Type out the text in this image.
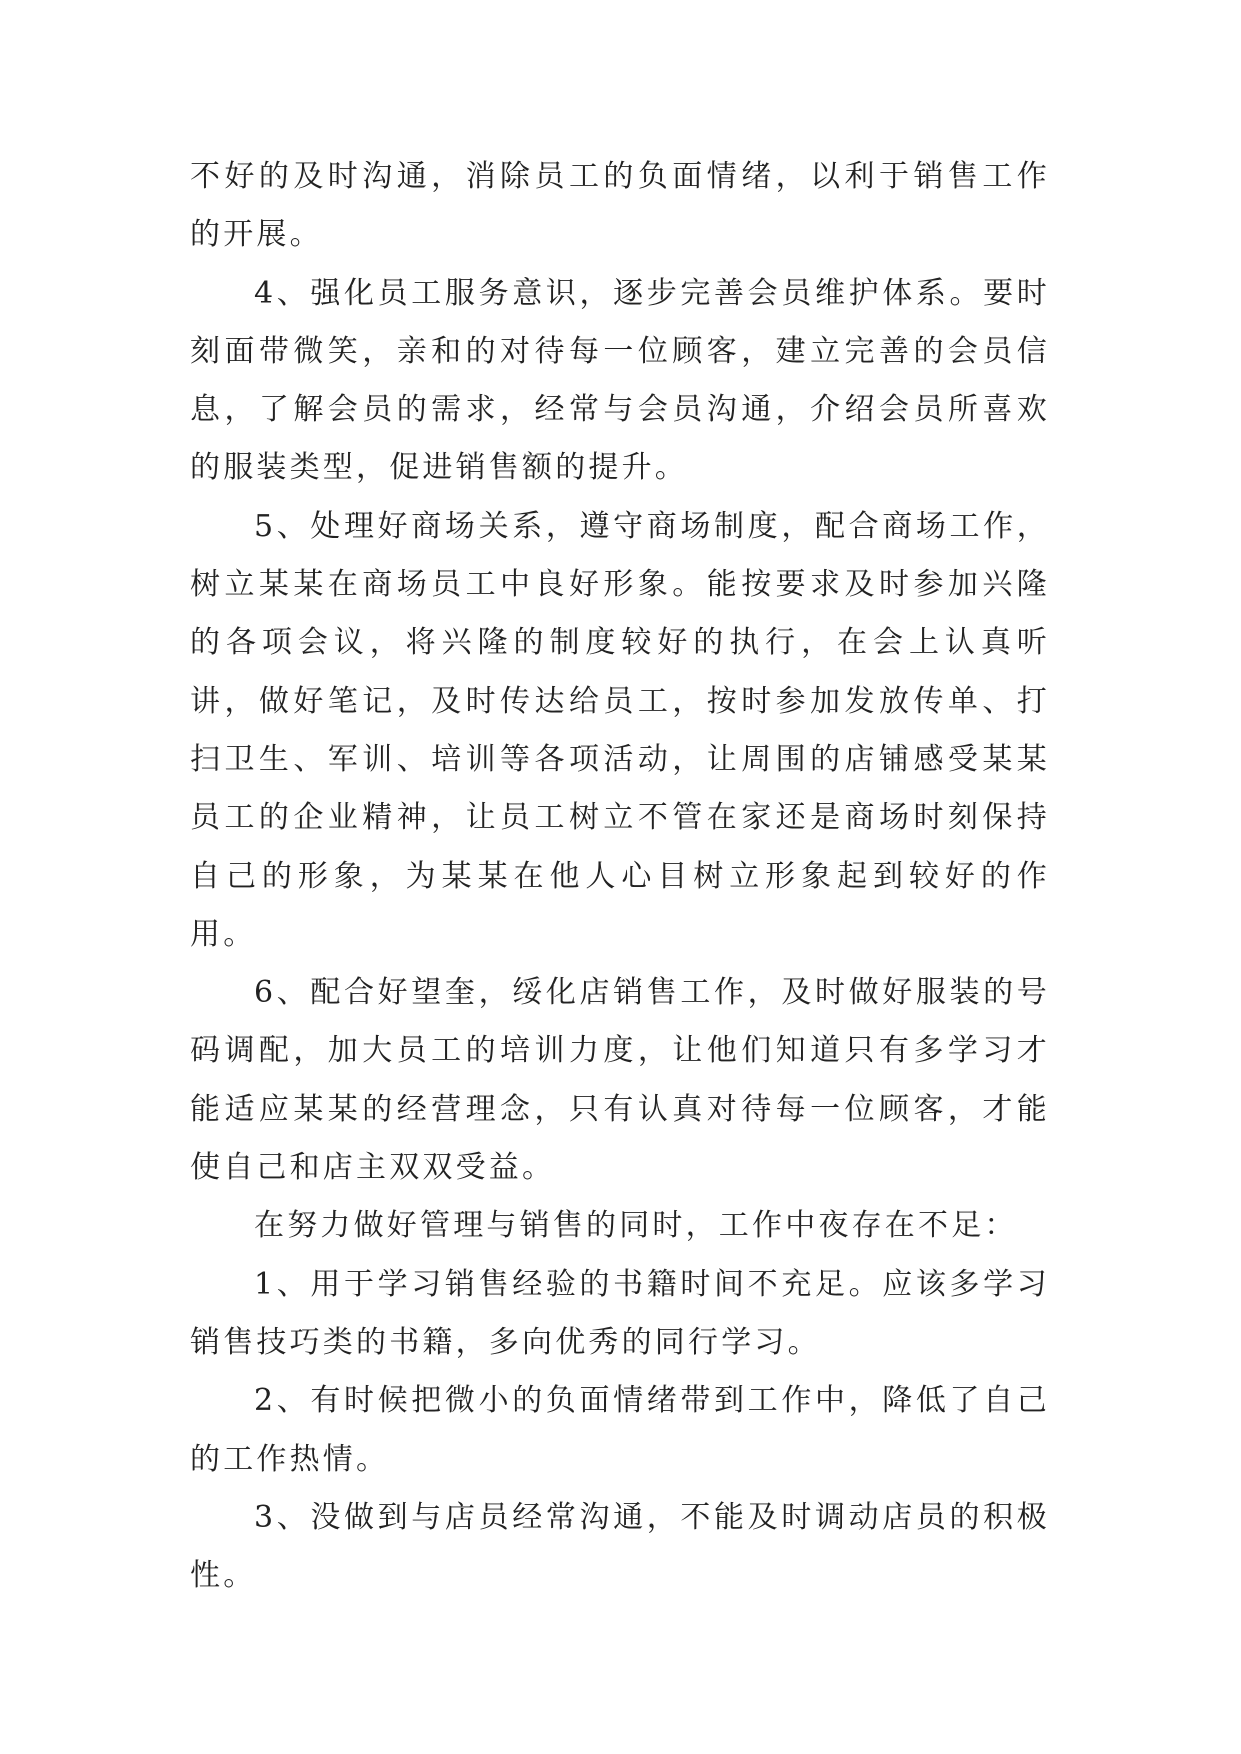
不好的及时沟通，消除员工的负面情绪，以利于销售工作的开展。

4、强化员工服务意识，逐步完善会员维护体系。要时刻面带微笑，亲和的对待每一位顾客，建立完善的会员信息，了解会员的需求，经常与会员沟通，介绍会员所喜欢的服装类型，促进销售额的提升。

5、处理好商场关系，遵守商场制度，配合商场工作，树立某某在商场员工中良好形象。能按要求及时参加兴隆的各项会议，将兴隆的制度较好的执行，在会上认真听讲，做好笔记，及时传达给员工，按时参加发放传单、打扫卫生、军训、培训等各项活动，让周围的店铺感受某某员工的企业精神，让员工树立不管在家还是商场时刻保持自己的形象，为某某在他人心目树立形象起到较好的作用。

6、配合好望奎，绥化店销售工作，及时做好服装的号码调配，加大员工的培训力度，让他们知道只有多学习才能适应某某的经营理念，只有认真对待每一位顾客，才能使自己和店主双双受益。

在努力做好管理与销售的同时，工作中夜存在不足：

1、用于学习销售经验的书籍时间不充足。应该多学习销售技巧类的书籍，多向优秀的同行学习。

2、有时候把微小的负面情绪带到工作中，降低了自己的工作热情。

3、没做到与店员经常沟通，不能及时调动店员的积极性。
